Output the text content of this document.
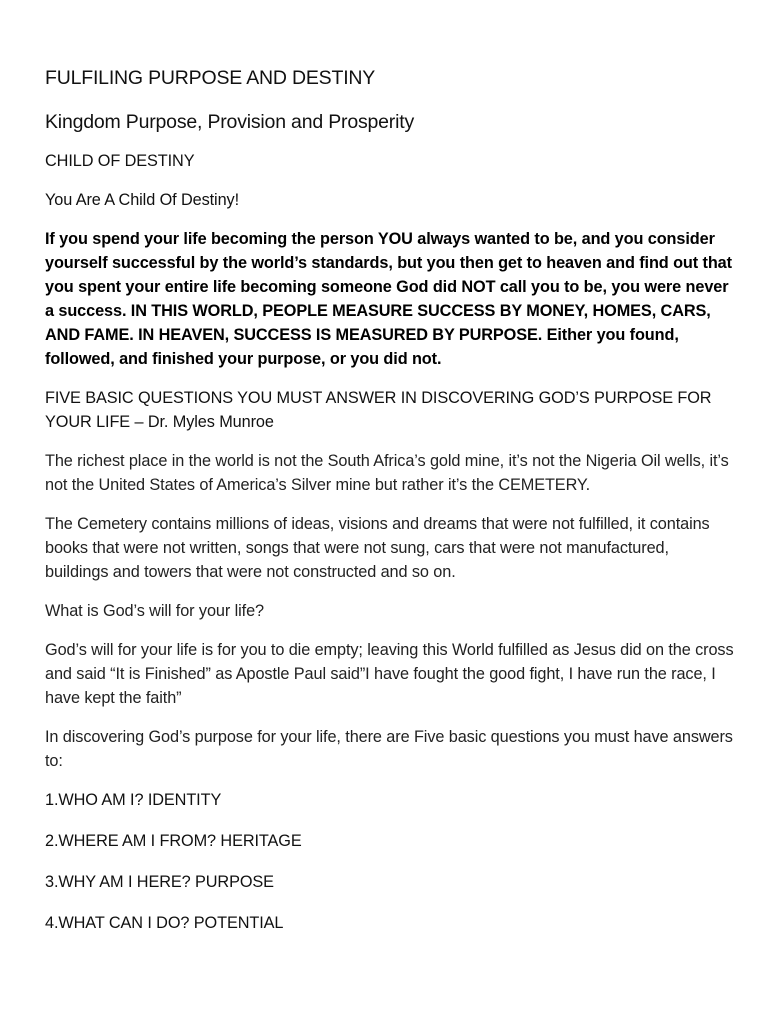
FULFILING PURPOSE AND DESTINY
Kingdom Purpose, Provision and Prosperity

CHILD OF DESTINY

You Are A Child Of Destiny!

If you spend your life becoming the person YOU always wanted to be, and you consider yourself successful by the world’s standards, but you then get to heaven and find out that you spent your entire life becoming someone God did NOT call you to be, you were never a success. IN THIS WORLD, PEOPLE MEASURE SUCCESS BY MONEY, HOMES, CARS, AND FAME. IN HEAVEN, SUCCESS IS MEASURED BY PURPOSE. Either you found, followed, and finished your purpose, or you did not.

FIVE BASIC QUESTIONS YOU MUST ANSWER IN DISCOVERING GOD’S PURPOSE FOR YOUR LIFE – Dr. Myles Munroe

The richest place in the world is not the South Africa’s gold mine, it’s not the Nigeria Oil wells, it’s not the United States of America’s Silver mine but rather it’s the CEMETERY.

The Cemetery contains millions of ideas, visions and dreams that were not fulfilled, it contains books that were not written, songs that were not sung, cars that were not manufactured, buildings and towers that were not constructed and so on.

What is God’s will for your life?

God’s will for your life is for you to die empty; leaving this World fulfilled as Jesus did on the cross and said “It is Finished” as Apostle Paul said”I have fought the good fight, I have run the race, I have kept the faith”

In discovering God’s purpose for your life, there are Five basic questions you must have answers to:

1.WHO AM I? IDENTITY
2.WHERE AM I FROM? HERITAGE
3.WHY AM I HERE? PURPOSE
4.WHAT CAN I DO? POTENTIAL
